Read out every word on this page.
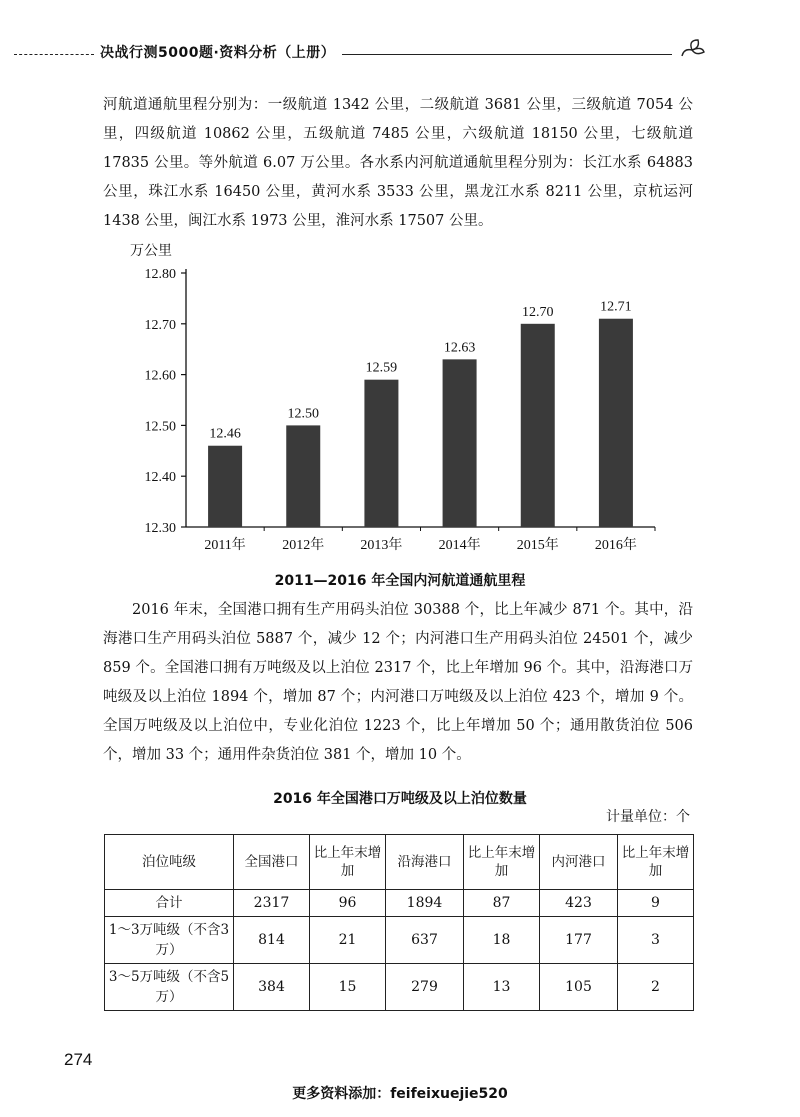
决战行测5000题·资料分析（上册）

河航道通航里程分别为：一级航道 1342 公里，二级航道 3681 公里，三级航道 7054 公里，四级航道 10862 公里，五级航道 7485 公里，六级航道 18150 公里，七级航道 17835 公里。等外航道 6.07 万公里。各水系内河航道通航里程分别为：长江水系 64883 公里，珠江水系 16450 公里，黄河水系 3533 公里，黑龙江水系 8211 公里，京杭运河 1438 公里，闽江水系 1973 公里，淮河水系 17507 公里。

万公里
12.30
12.40
12.50
12.60
12.70
12.80
12.46
2011年
12.50
2012年
12.59
2013年
12.63
2014年
12.70
2015年
12.71
2016年
2011—2016 年全国内河航道通航里程

2016 年末，全国港口拥有生产用码头泊位 30388 个，比上年减少 871 个。其中，沿海港口生产用码头泊位 5887 个，减少 12 个；内河港口生产用码头泊位 24501 个，减少 859 个。全国港口拥有万吨级及以上泊位 2317 个，比上年增加 96 个。其中，沿海港口万吨级及以上泊位 1894 个，增加 87 个；内河港口万吨级及以上泊位 423 个，增加 9 个。全国万吨级及以上泊位中，专业化泊位 1223 个，比上年增加 50 个；通用散货泊位 506 个，增加 33 个；通用件杂货泊位 381 个，增加 10 个。

2016 年全国港口万吨级及以上泊位数量
计量单位：个
泊位吨级	全国港口	比上年末增加	沿海港口	比上年末增加	内河港口	比上年末增加
合计	2317	96	1894	87	423	9
1～3万吨级（不含3万）	814	21	637	18	177	3
3～5万吨级（不含5万）	384	15	279	13	105	2
274
更多资料添加：feifeixuejie520
